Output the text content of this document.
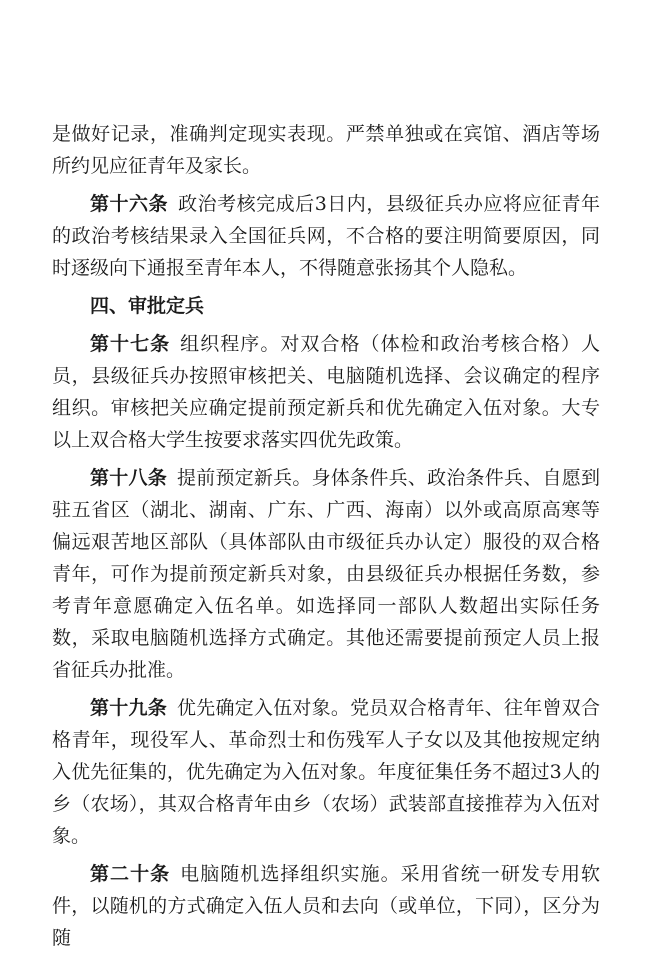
是做好记录，准确判定现实表现。严禁单独或在宾馆、酒店等场所约见应征青年及家长。

第十六条 政治考核完成后3日内，县级征兵办应将应征青年的政治考核结果录入全国征兵网，不合格的要注明简要原因，同时逐级向下通报至青年本人，不得随意张扬其个人隐私。

四、审批定兵

第十七条 组织程序。对双合格（体检和政治考核合格）人员，县级征兵办按照审核把关、电脑随机选择、会议确定的程序组织。审核把关应确定提前预定新兵和优先确定入伍对象。大专以上双合格大学生按要求落实四优先政策。

第十八条 提前预定新兵。身体条件兵、政治条件兵、自愿到驻五省区（湖北、湖南、广东、广西、海南）以外或高原高寒等偏远艰苦地区部队（具体部队由市级征兵办认定）服役的双合格青年，可作为提前预定新兵对象，由县级征兵办根据任务数，参考青年意愿确定入伍名单。如选择同一部队人数超出实际任务数，采取电脑随机选择方式确定。其他还需要提前预定人员上报省征兵办批准。

第十九条 优先确定入伍对象。党员双合格青年、往年曾双合格青年，现役军人、革命烈士和伤残军人子女以及其他按规定纳入优先征集的，优先确定为入伍对象。年度征集任务不超过3人的乡（农场），其双合格青年由乡（农场）武装部直接推荐为入伍对象。

第二十条 电脑随机选择组织实施。采用省统一研发专用软件，以随机的方式确定入伍人员和去向（或单位，下同），区分为随
